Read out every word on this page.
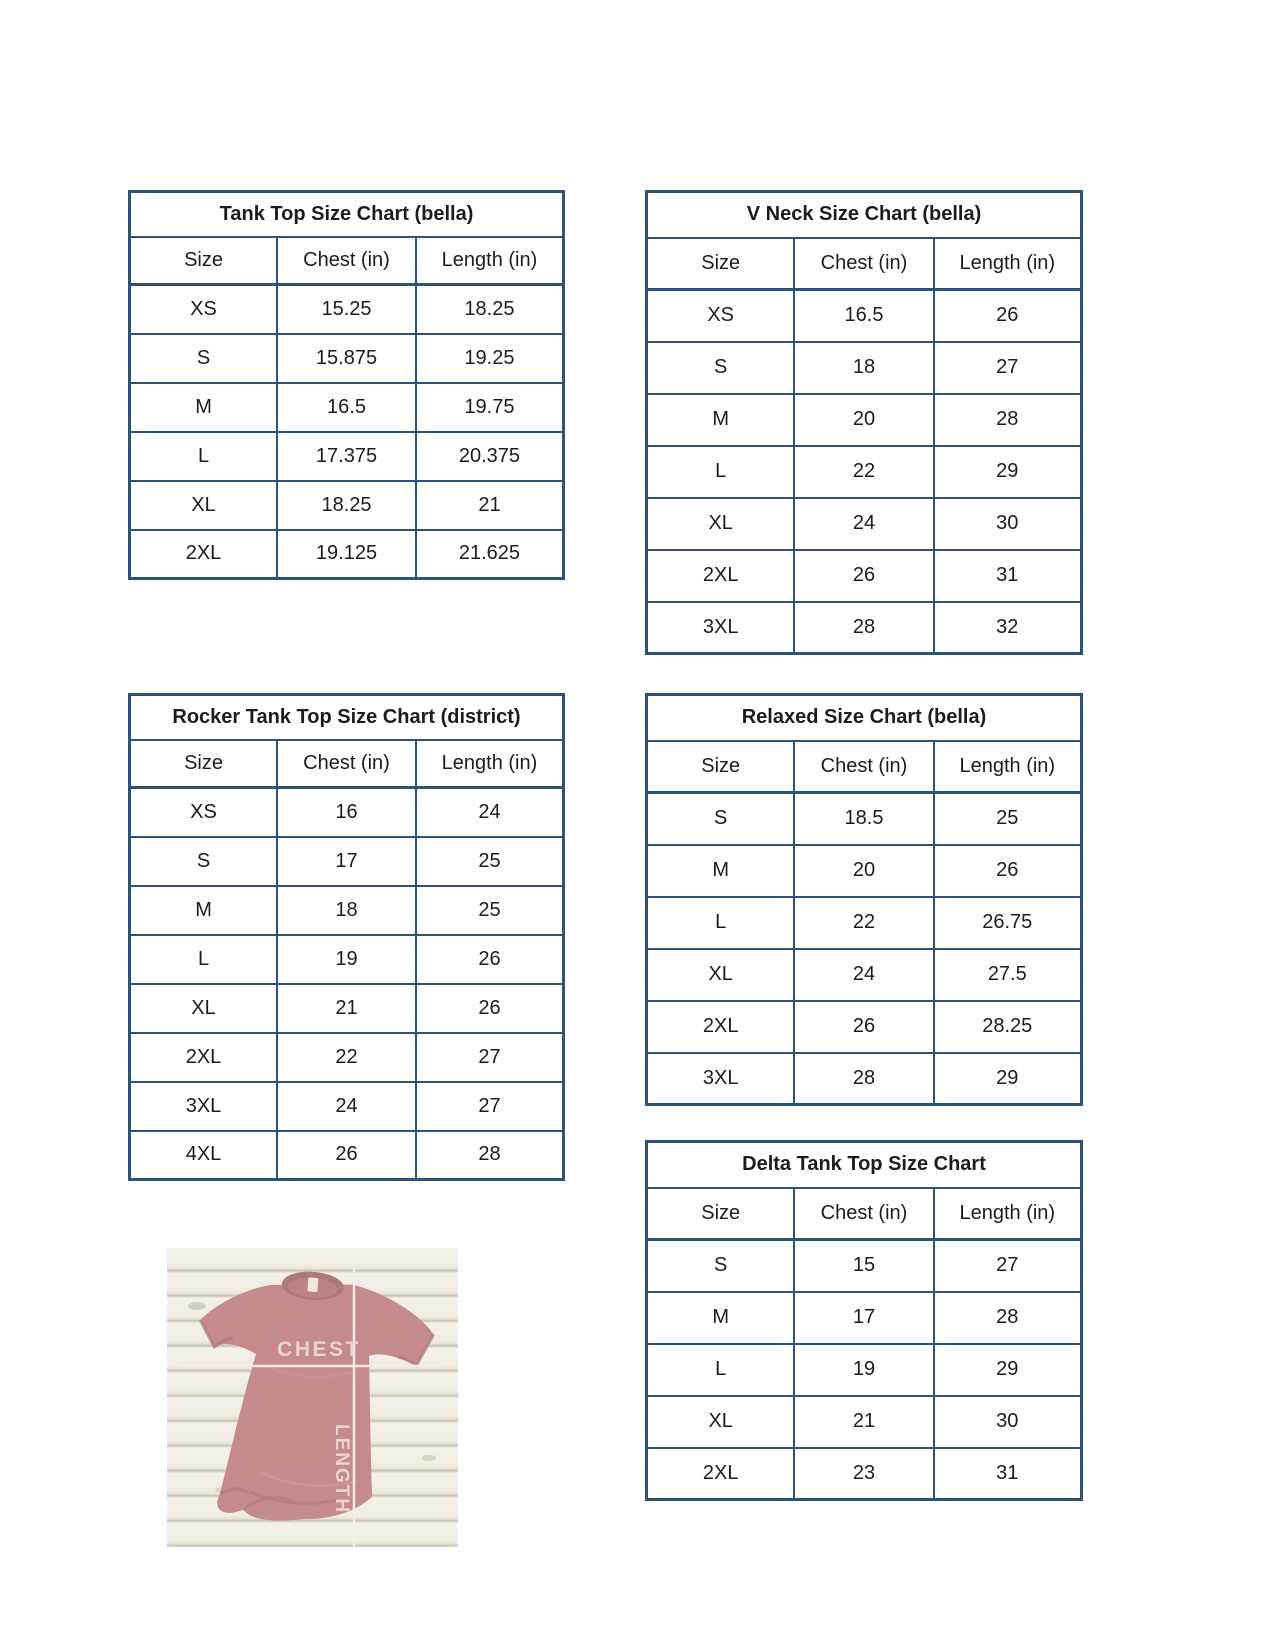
Tank Top Size Chart (bella)		
Size	Chest (in)	Length (in)
XS	15.25	18.25
S	15.875	19.25
M	16.5	19.75
L	17.375	20.375
XL	18.25	21
2XL	19.125	21.625
V Neck Size Chart (bella)		
Size	Chest (in)	Length (in)
XS	16.5	26
S	18	27
M	20	28
L	22	29
XL	24	30
2XL	26	31
3XL	28	32
Rocker Tank Top Size Chart (district)		
Size	Chest (in)	Length (in)
XS	16	24
S	17	25
M	18	25
L	19	26
XL	21	26
2XL	22	27
3XL	24	27
4XL	26	28
Relaxed Size Chart (bella)		
Size	Chest (in)	Length (in)
S	18.5	25
M	20	26
L	22	26.75
XL	24	27.5
2XL	26	28.25
3XL	28	29
Delta Tank Top Size Chart		
Size	Chest (in)	Length (in)
S	15	27
M	17	28
L	19	29
XL	21	30
2XL	23	31
CHEST
LENGTH
